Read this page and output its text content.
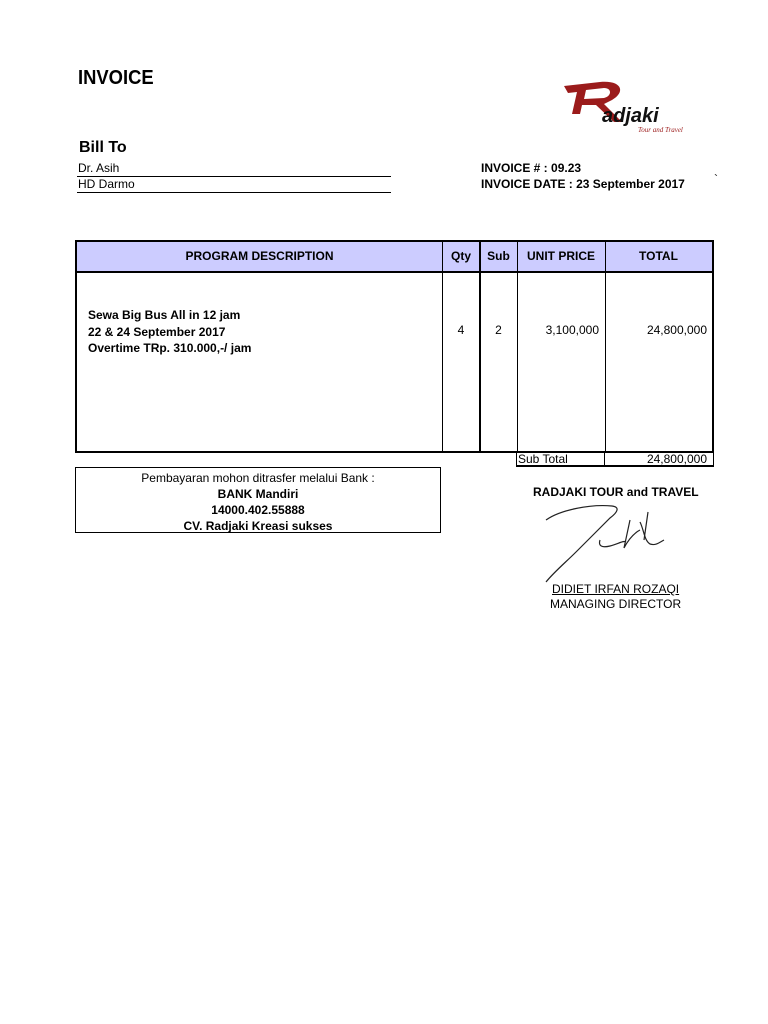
INVOICE
adjaki
Tour and Travel
Bill To
Dr. Asih
HD Darmo
INVOICE # : 09.23
INVOICE DATE : 23 September 2017 `
PROGRAM DESCRIPTION	Qty	Sub	UNIT PRICE	TOTAL
Sewa Big Bus All in 12 jam
22 & 24 September 2017
Overtime TRp. 310.000,-/ jam
4	2	3,100,000	24,800,000
Sub Total	24,800,000
Pembayaran mohon ditrasfer melalui Bank :
BANK Mandiri
14000.402.55888
CV. Radjaki Kreasi sukses
RADJAKI TOUR and TRAVEL
DIDIET IRFAN ROZAQI
MANAGING DIRECTOR
